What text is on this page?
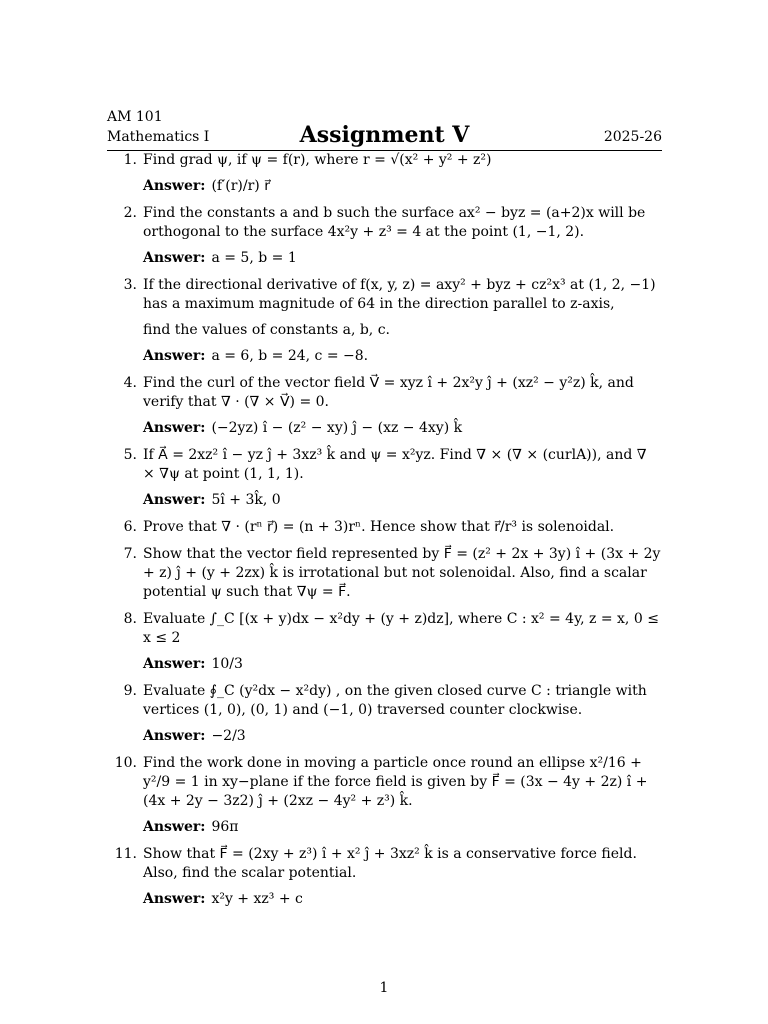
AM 101
Mathematics I	Assignment V	2025-26
1. Find grad ψ, if ψ = f(r), where r = √(x² + y² + z²)
Answer: (f′(r)/r) r⃗
2. Find the constants a and b such the surface ax² − byz = (a+2)x will be orthogonal to the surface 4x²y + z³ = 4 at the point (1, −1, 2).
Answer: a = 5, b = 1
3. If the directional derivative of f(x, y, z) = axy² + byz + cz²x³ at (1, 2, −1) has a maximum magnitude of 64 in the direction parallel to z-axis,
find the values of constants a, b, c.
Answer: a = 6, b = 24, c = −8.
4. Find the curl of the vector field V⃗ = xyz î + 2x²y ĵ + (xz² − y²z) k̂, and verify that ∇ · (∇ × V⃗) = 0.
Answer: (−2yz) î − (z² − xy) ĵ − (xz − 4xy) k̂
5. If A⃗ = 2xz² î − yz ĵ + 3xz³ k̂ and ψ = x²yz. Find ∇ × (∇ × (curlA)), and ∇ × ∇ψ at point (1, 1, 1).
Answer: 5î + 3k̂, 0
6. Prove that ∇ · (rⁿ r⃗) = (n + 3)rⁿ. Hence show that r⃗/r³ is solenoidal.
7. Show that the vector field represented by F⃗ = (z² + 2x + 3y) î + (3x + 2y + z) ĵ + (y + 2zx) k̂ is irrotational but not solenoidal. Also, find a scalar potential ψ such that ∇ψ = F⃗.
8. Evaluate ∫_C [(x + y)dx − x²dy + (y + z)dz], where C : x² = 4y, z = x, 0 ≤ x ≤ 2
Answer: 10/3
9. Evaluate ∮_C (y²dx − x²dy) , on the given closed curve C : triangle with vertices (1, 0), (0, 1) and (−1, 0) traversed counter clockwise.
Answer: −2/3
10. Find the work done in moving a particle once round an ellipse x²/16 + y²/9 = 1 in xy−plane if the force field is given by F⃗ = (3x − 4y + 2z) î + (4x + 2y − 3z2) ĵ + (2xz − 4y² + z³) k̂.
Answer: 96π
11. Show that F⃗ = (2xy + z³) î + x² ĵ + 3xz² k̂ is a conservative force field. Also, find the scalar potential.
Answer: x²y + xz³ + c
1
